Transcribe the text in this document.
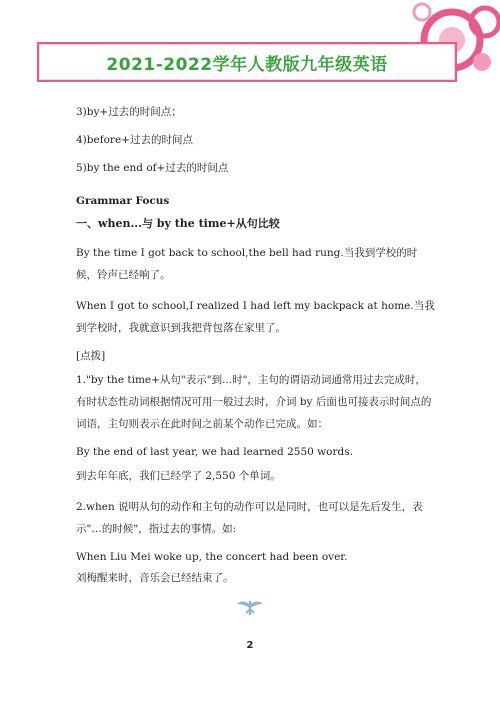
2021-2022学年人教版九年级英语

3)by+过去的时间点；

4)before+过去的时间点

5)by the end of+过去的时间点

Grammar Focus

一、when...与 by the time+从句比较

By the time I got back to school,the bell had rung.当我到学校的时候，铃声已经响了。

When I got to school,I realized I had left my backpack at home.当我到学校时，我就意识到我把背包落在家里了。

[点拨]

1."by the time+从句"表示"到...时"，主句的谓语动词通常用过去完成时，有时状态性动词根据情况可用一般过去时，介词 by 后面也可接表示时间点的词语，主句则表示在此时间之前某个动作已完成。如：

By the end of last year, we had learned 2550 words.

到去年年底，我们已经学了 2,550 个单词。

2.when 说明从句的动作和主句的动作可以是同时，也可以是先后发生，表示"…的时候"，指过去的事情。如:

When Liu Mei woke up, the concert had been over.

刘梅醒来时，音乐会已经结束了。

2
